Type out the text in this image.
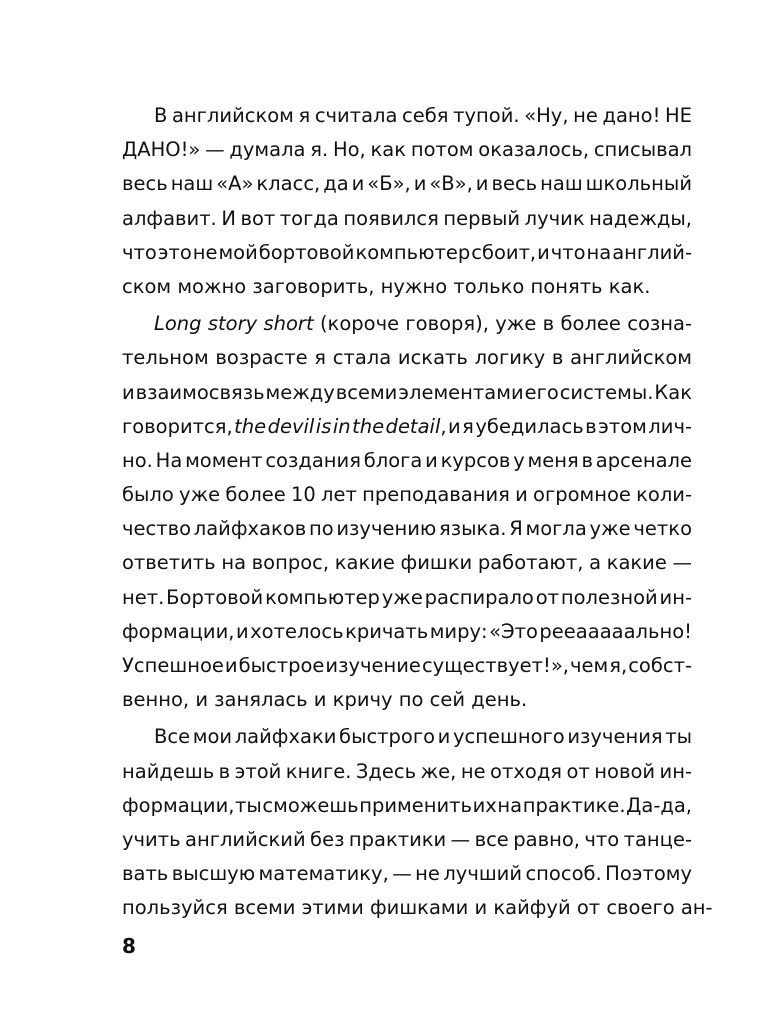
В английском я считала себя тупой. «Ну, не дано! НЕ
ДАНО!» — думала я. Но, как потом оказалось, списывал
весь наш «А» класс, да и «Б», и «В», и весь наш школьный
алфавит. И вот тогда появился первый лучик надежды,
что это не мой бортовой компьютер сбоит, и что на англий-
ском можно заговорить, нужно только понять как.
Long story short (короче говоря), уже в более созна-
тельном возрасте я стала искать логику в английском
и взаимосвязь между всеми элементами его системы. Как
говорится, the devil is in the detail, и я убедилась в этом лич-
но. На момент создания блога и курсов у меня в арсенале
было уже более 10 лет преподавания и огромное коли-
чество лайфхаков по изучению языка. Я могла уже четко
ответить на вопрос, какие фишки работают, а какие —
нет. Бортовой компьютер уже распирало от полезной ин-
формации, и хотелось кричать миру: «Это рееааааально!
Успешное и быстрое изучение существует!», чем я, собст-
венно, и занялась и кричу по сей день.
Все мои лайфхаки быстрого и успешного изучения ты
найдешь в этой книге. Здесь же, не отходя от новой ин-
формации, ты сможешь применить их на практике. Да-да,
учить английский без практики — все равно, что танце-
вать высшую математику, — не лучший способ. Поэтому
пользуйся всеми этими фишками и кайфуй от своего ан-
8
